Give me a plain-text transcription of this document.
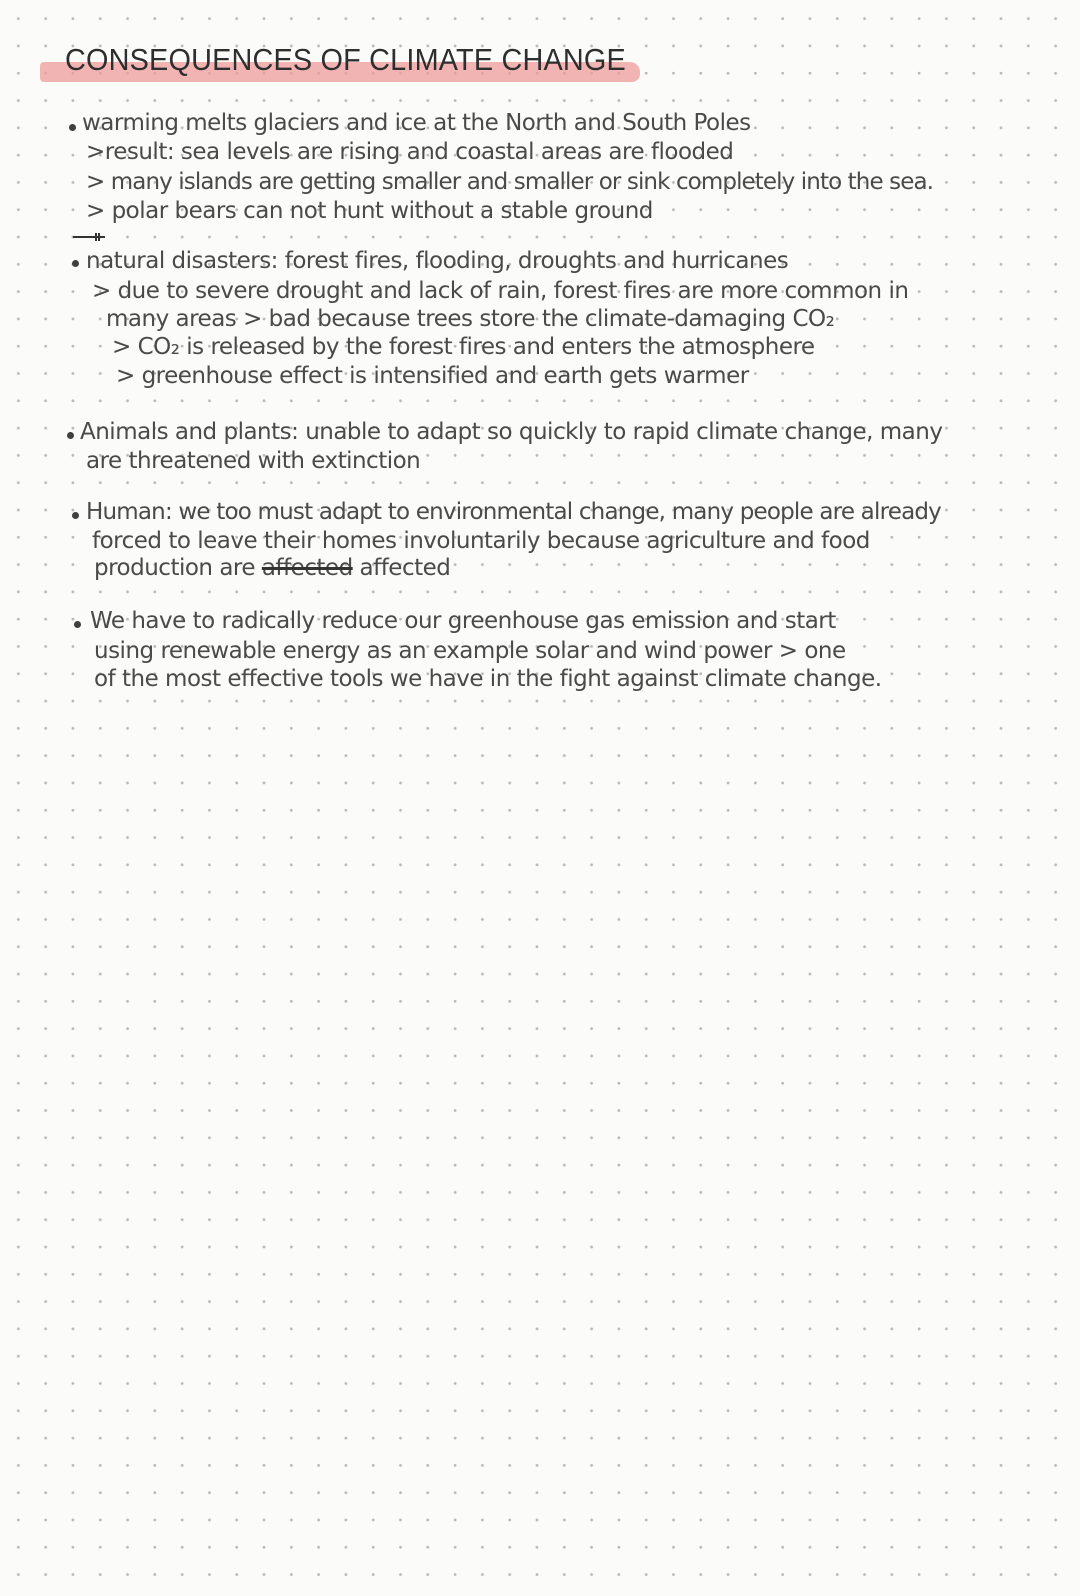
CONSEQUENCES OF CLIMATE CHANGE
warming melts glaciers and ice at the North and South Poles
>result: sea levels are rising and coastal areas are flooded
> many islands are getting smaller and smaller or sink completely into the sea.
> polar bears can not hunt without a stable ground
natural disasters: forest fires, flooding, droughts and hurricanes
> due to severe drought and lack of rain, forest fires are more common in
many areas > bad because trees store the climate-damaging CO₂
> CO₂ is released by the forest fires and enters the atmosphere
> greenhouse effect is intensified and earth gets warmer
Animals and plants: unable to adapt so quickly to rapid climate change, many
are threatened with extinction
Human: we too must adapt to environmental change, many people are already
forced to leave their homes involuntarily because agriculture and food
production are affected affected
We have to radically reduce our greenhouse gas emission and start
using renewable energy as an example solar and wind power > one
of the most effective tools we have in the fight against climate change.
